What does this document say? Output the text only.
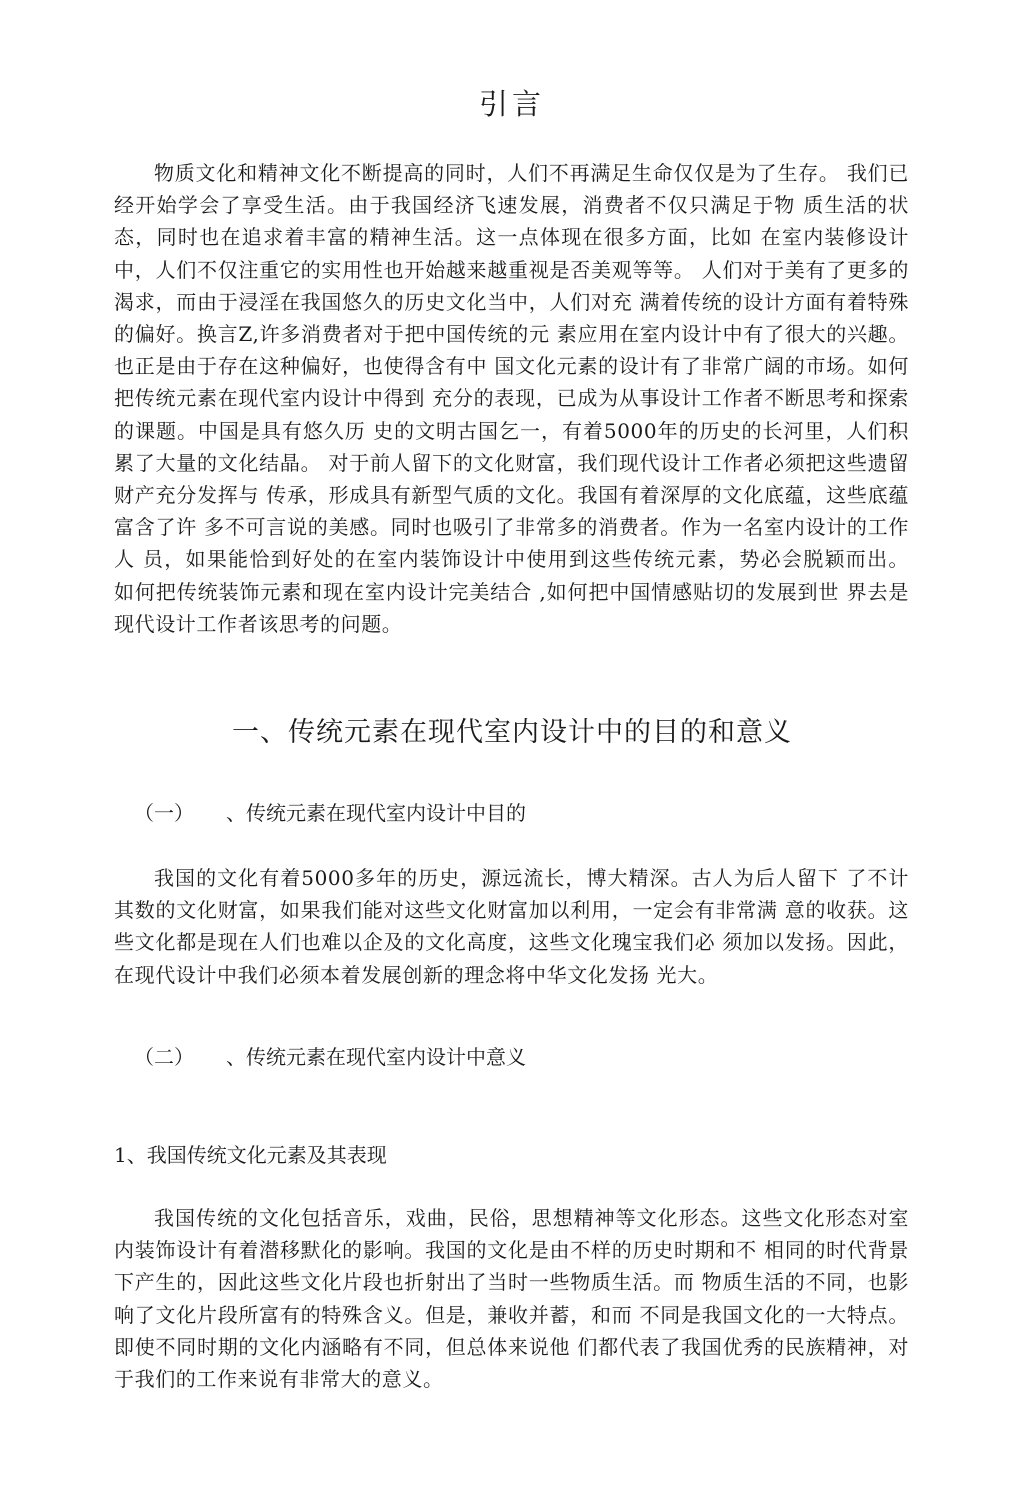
引言

物质文化和精神文化不断提高的同时，人们不再满足生命仅仅是为了生存。 我们已经开始学会了享受生活。由于我国经济飞速发展，消费者不仅只满足于物 质生活的状态，同时也在追求着丰富的精神生活。这一点体现在很多方面，比如 在室内装修设计中，人们不仅注重它的实用性也开始越来越重视是否美观等等。 人们对于美有了更多的渴求，而由于浸淫在我国悠久的历史文化当中，人们对充 满着传统的设计方面有着特殊的偏好。换言Z,许多消费者对于把中国传统的元 素应用在室内设计中有了很大的兴趣。也正是由于存在这种偏好，也使得含有中 国文化元素的设计有了非常广阔的市场。如何把传统元素在现代室内设计中得到 充分的表现，已成为从事设计工作者不断思考和探索的课题。中国是具有悠久历 史的文明古国乞一，有着5000年的历史的长河里，人们积累了大量的文化结晶。 对于前人留下的文化财富，我们现代设计工作者必须把这些遗留财产充分发挥与 传承，形成具有新型气质的文化。我国有着深厚的文化底蕴，这些底蕴富含了许 多不可言说的美感。同时也吸引了非常多的消费者。作为一名室内设计的工作人 员，如果能恰到好处的在室内装饰设计中使用到这些传统元素，势必会脱颖而出。 如何把传统装饰元素和现在室内设计完美结合 ,如何把中国情感贴切的发展到世 界去是现代设计工作者该思考的问题。

一、传统元素在现代室内设计中的目的和意义
（一） 、传统元素在现代室内设计中目的

我国的文化有着5000多年的历史，源远流长，博大精深。古人为后人留下 了不计其数的文化财富，如果我们能对这些文化财富加以利用，一定会有非常满 意的收获。这些文化都是现在人们也难以企及的文化高度，这些文化瑰宝我们必 须加以发扬。因此，在现代设计中我们必须本着发展创新的理念将中华文化发扬 光大。

（二） 、传统元素在现代室内设计中意义
1、我国传统文化元素及其表现

我国传统的文化包括音乐，戏曲，民俗，思想精神等文化形态。这些文化形态对室内装饰设计有着潜移默化的影响。我国的文化是由不样的历史时期和不 相同的时代背景下产生的，因此这些文化片段也折射出了当时一些物质生活。而 物质生活的不同，也影响了文化片段所富有的特殊含义。但是，兼收并蓄，和而 不同是我国文化的一大特点。即使不同时期的文化内涵略有不同，但总体来说他 们都代表了我国优秀的民族精神，对于我们的工作来说有非常大的意义。
